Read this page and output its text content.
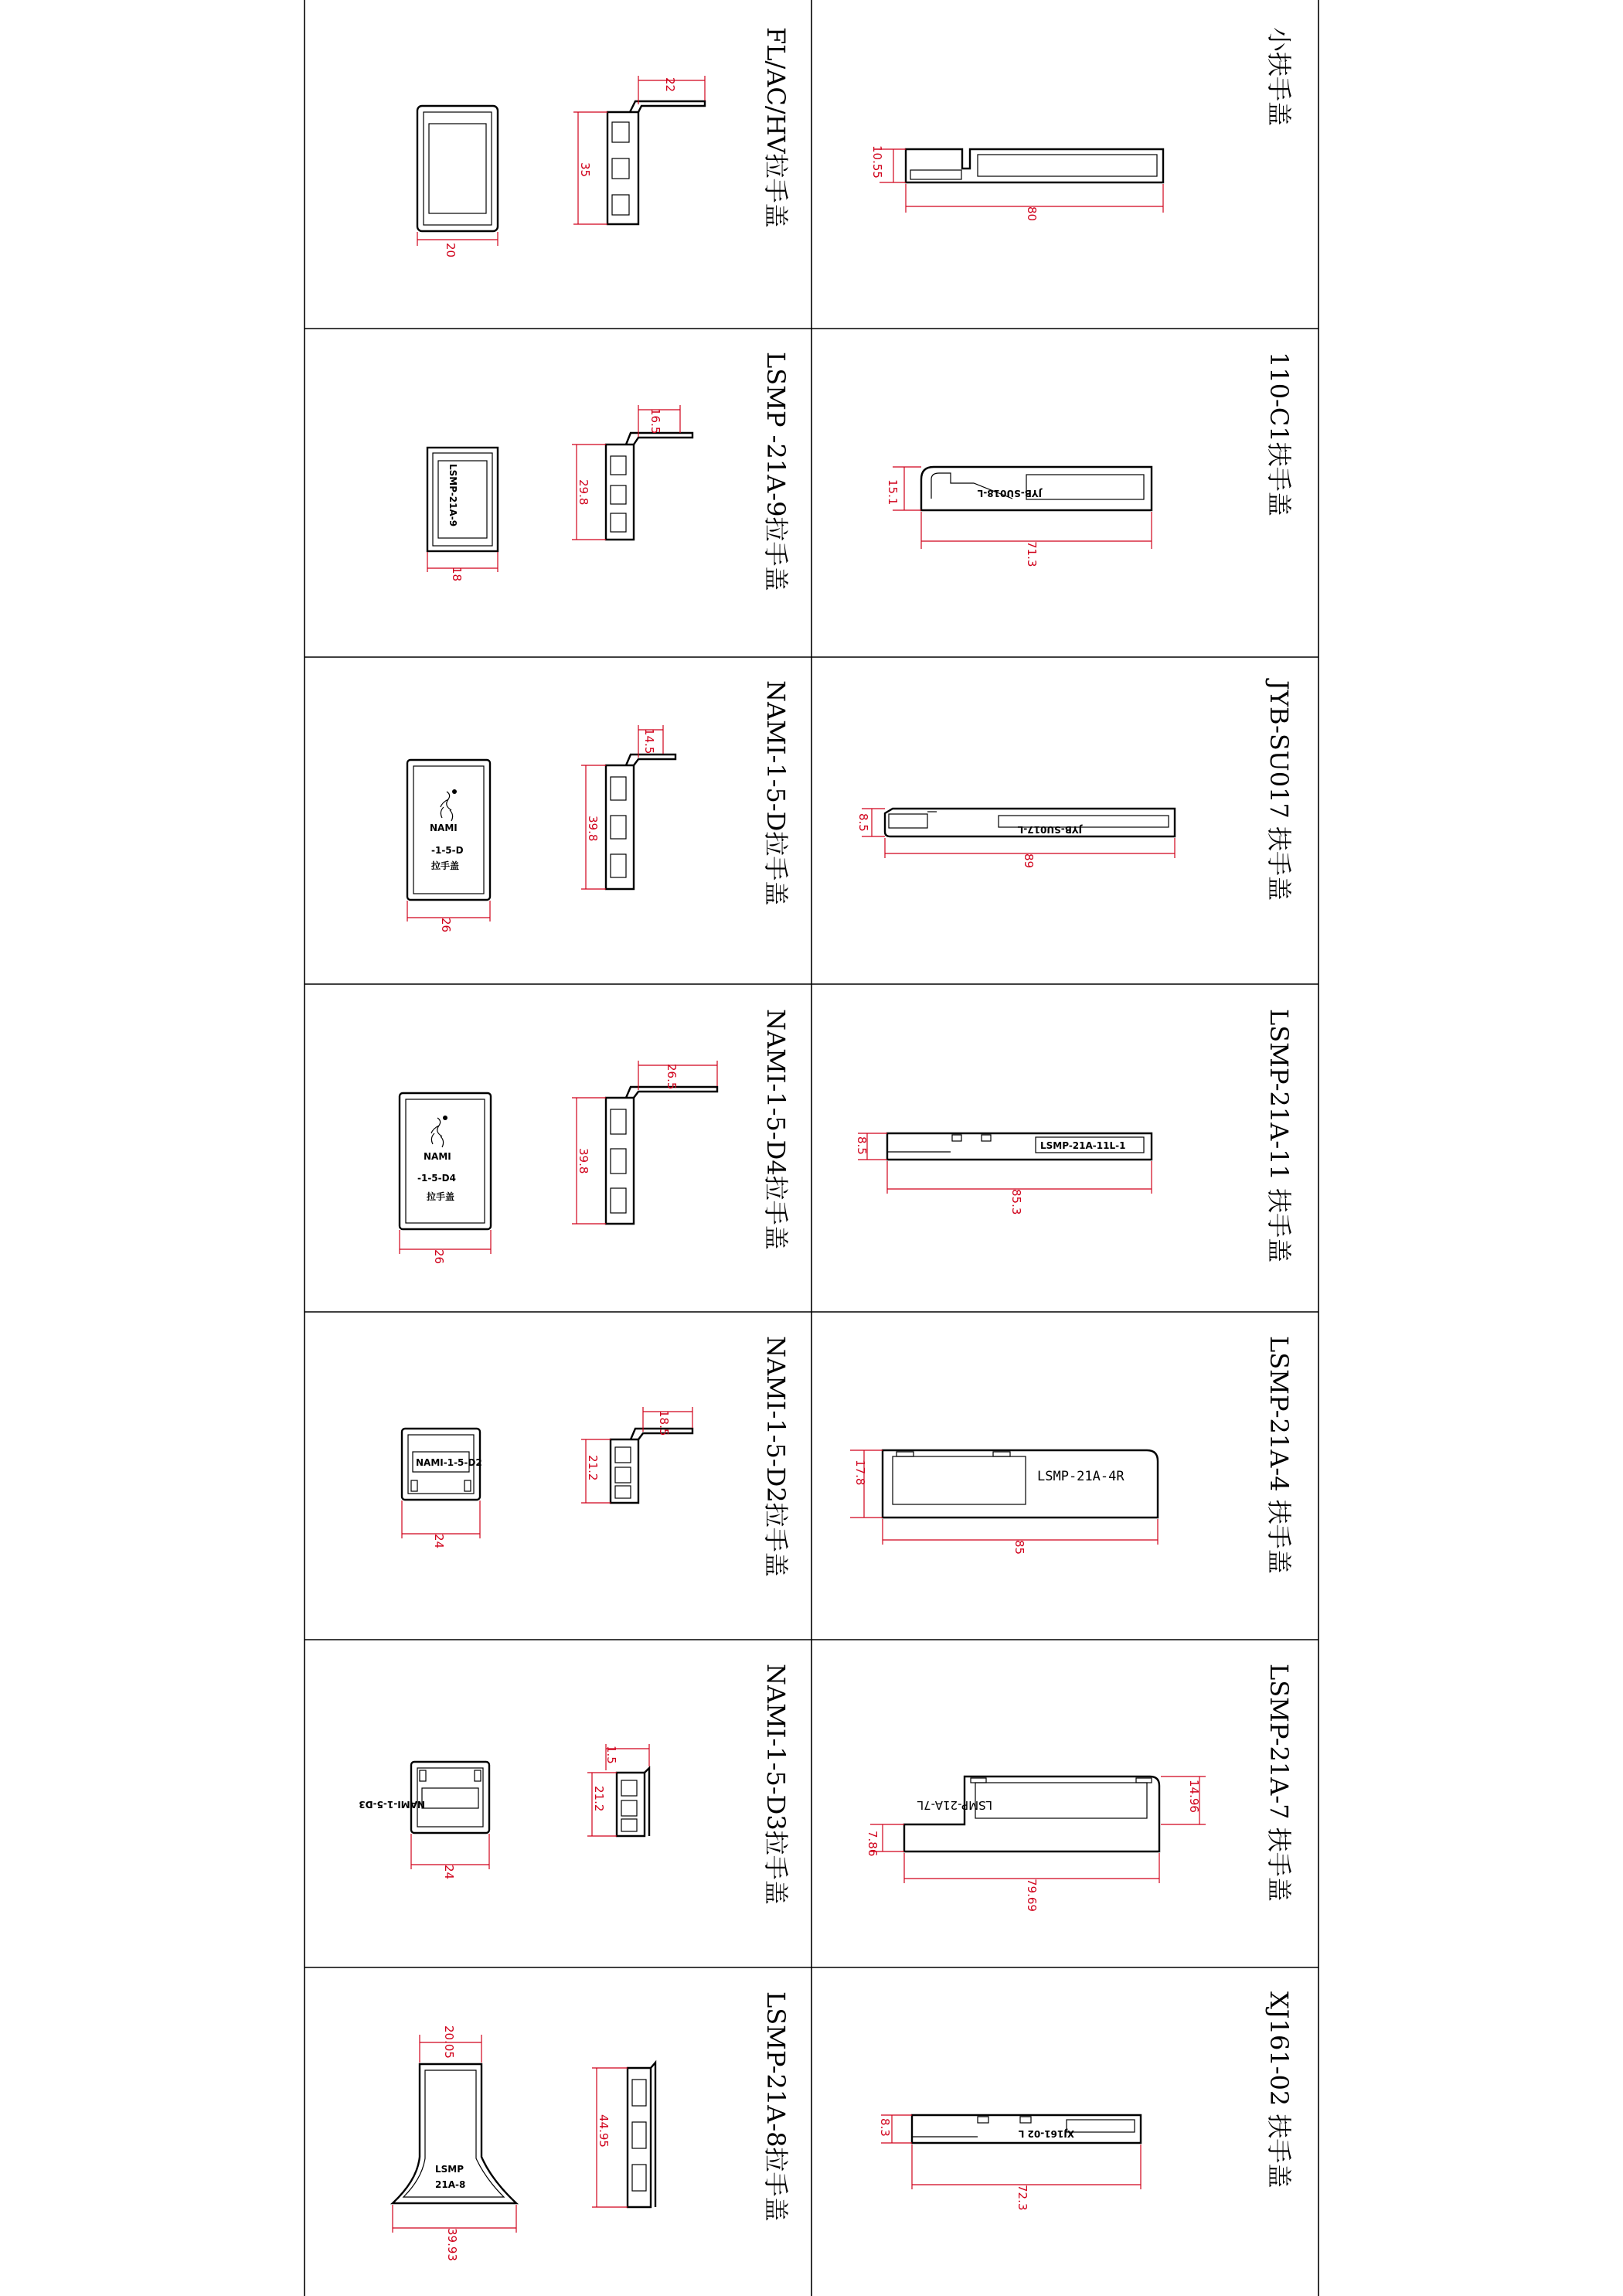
FL/AC/HV拉手盖
20
35
22
LSMP -21A-9拉手盖
LSMP-21A-9
18
29.8
16.5
NAMI-1-5-D拉手盖
NAMI
-1-5-D
拉手盖
26
39.8
14.5
NAMI-1-5-D4拉手盖
NAMI
-1-5-D4
拉手盖
26
39.8
26.5
NAMI-1-5-D2拉手盖
NAMI-1-5-D2
24
21.2
18.5
NAMI-1-5-D3拉手盖
NAMI-1-5-D3
24
21.2
1.5
LSMP-21A-8拉手盖
LSMP
21A-8
20.05
39.93
44.95
小扶手盖
10.55
80
110-C1扶手盖
JYB-SU018-L
15.1
71.3
JYB-SU017 扶手盖
JYB-SU017-L
8.5
89
LSMP-21A-11 扶手盖
LSMP-21A-11L-1
8.5
85.3
LSMP-21A-4 扶手盖
LSMP-21A-4R
17.8
85
LSMP-21A-7 扶手盖
LSMP-21A-7L
7.86
14.96
79.69
XJ161-02 扶手盖
XJ161-02 L
8.3
72.3
